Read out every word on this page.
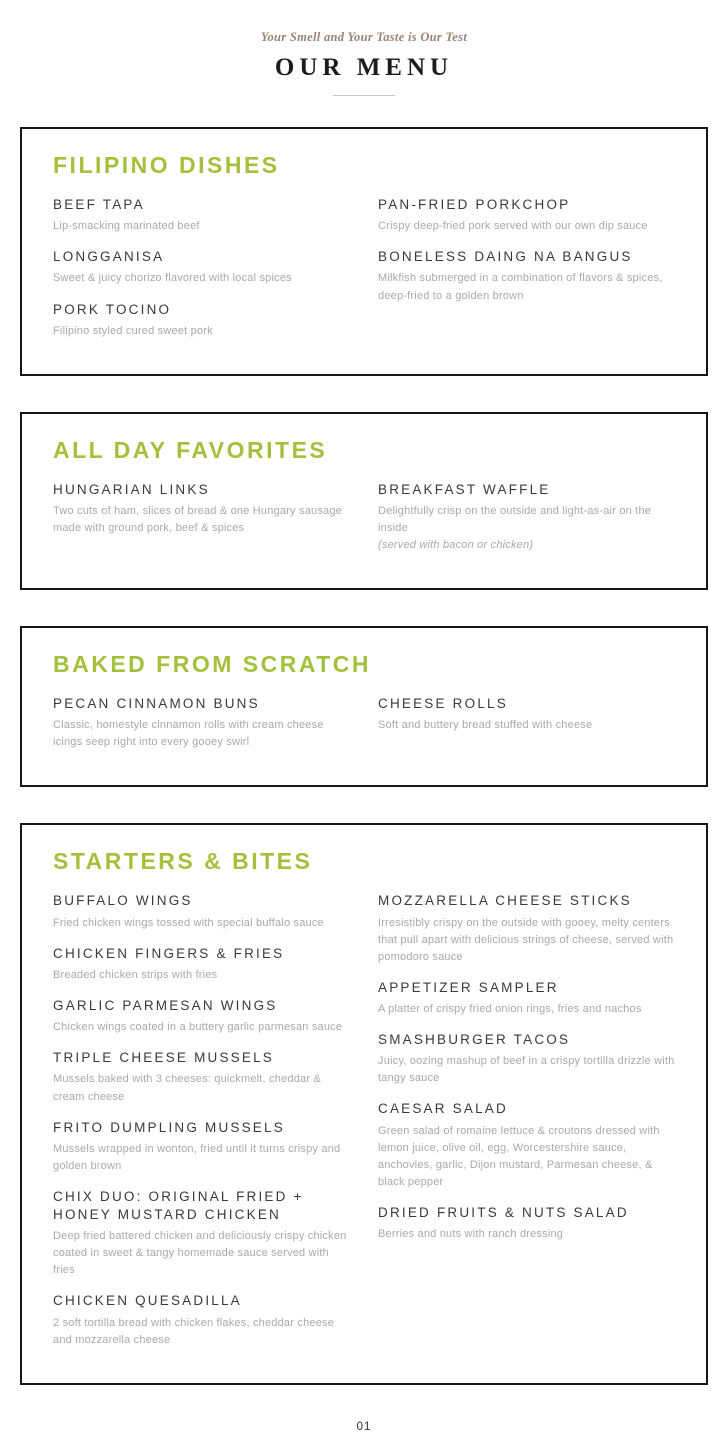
Your Smell and Your Taste is Our Test
OUR MENU
FILIPINO DISHES
BEEF TAPA
Lip-smacking marinated beef
LONGGANISA
Sweet & juicy chorizo flavored with local spices
PORK TOCINO
Filipino styled cured sweet pork
PAN-FRIED PORKCHOP
Crispy deep-fried pork served with our own dip sauce
BONELESS DAING NA BANGUS
Milkfish submerged in a combination of flavors & spices, deep-fried to a golden brown
ALL DAY FAVORITES
HUNGARIAN LINKS
Two cuts of ham, slices of bread & one Hungary sausage made with ground pork, beef & spices
BREAKFAST WAFFLE
Delightfully crisp on the outside and light-as-air on the inside
(served with bacon or chicken)
BAKED FROM SCRATCH
PECAN CINNAMON BUNS
Classic, homestyle cinnamon rolls with cream cheese icings seep right into every gooey swirl
CHEESE ROLLS
Soft and buttery bread stuffed with cheese
STARTERS & BITES
BUFFALO WINGS
Fried chicken wings tossed with special buffalo sauce
CHICKEN FINGERS & FRIES
Breaded chicken strips with fries
GARLIC PARMESAN WINGS
Chicken wings coated in a buttery garlic parmesan sauce
TRIPLE CHEESE MUSSELS
Mussels baked with 3 cheeses: quickmelt, cheddar & cream cheese
FRITO DUMPLING MUSSELS
Mussels wrapped in wonton, fried until it turns crispy and golden brown
CHIX DUO: ORIGINAL FRIED + HONEY MUSTARD CHICKEN
Deep fried battered chicken and deliciously crispy chicken coated in sweet & tangy homemade sauce served with fries
CHICKEN QUESADILLA
2 soft tortilla bread with chicken flakes, cheddar cheese and mozzarella cheese
MOZZARELLA CHEESE STICKS
Irresistibly crispy on the outside with gooey, melty centers that pull apart with delicious strings of cheese, served with pomodoro sauce
APPETIZER SAMPLER
A platter of crispy fried onion rings, fries and nachos
SMASHBURGER TACOS
Juicy, oozing mashup of beef in a crispy tortilla drizzle with tangy sauce
CAESAR SALAD
Green salad of romaine lettuce & croutons dressed with lemon juice, olive oil, egg, Worcestershire sauce, anchovies, garlic, Dijon mustard, Parmesan cheese, & black pepper
DRIED FRUITS & NUTS SALAD
Berries and nuts with ranch dressing
01
